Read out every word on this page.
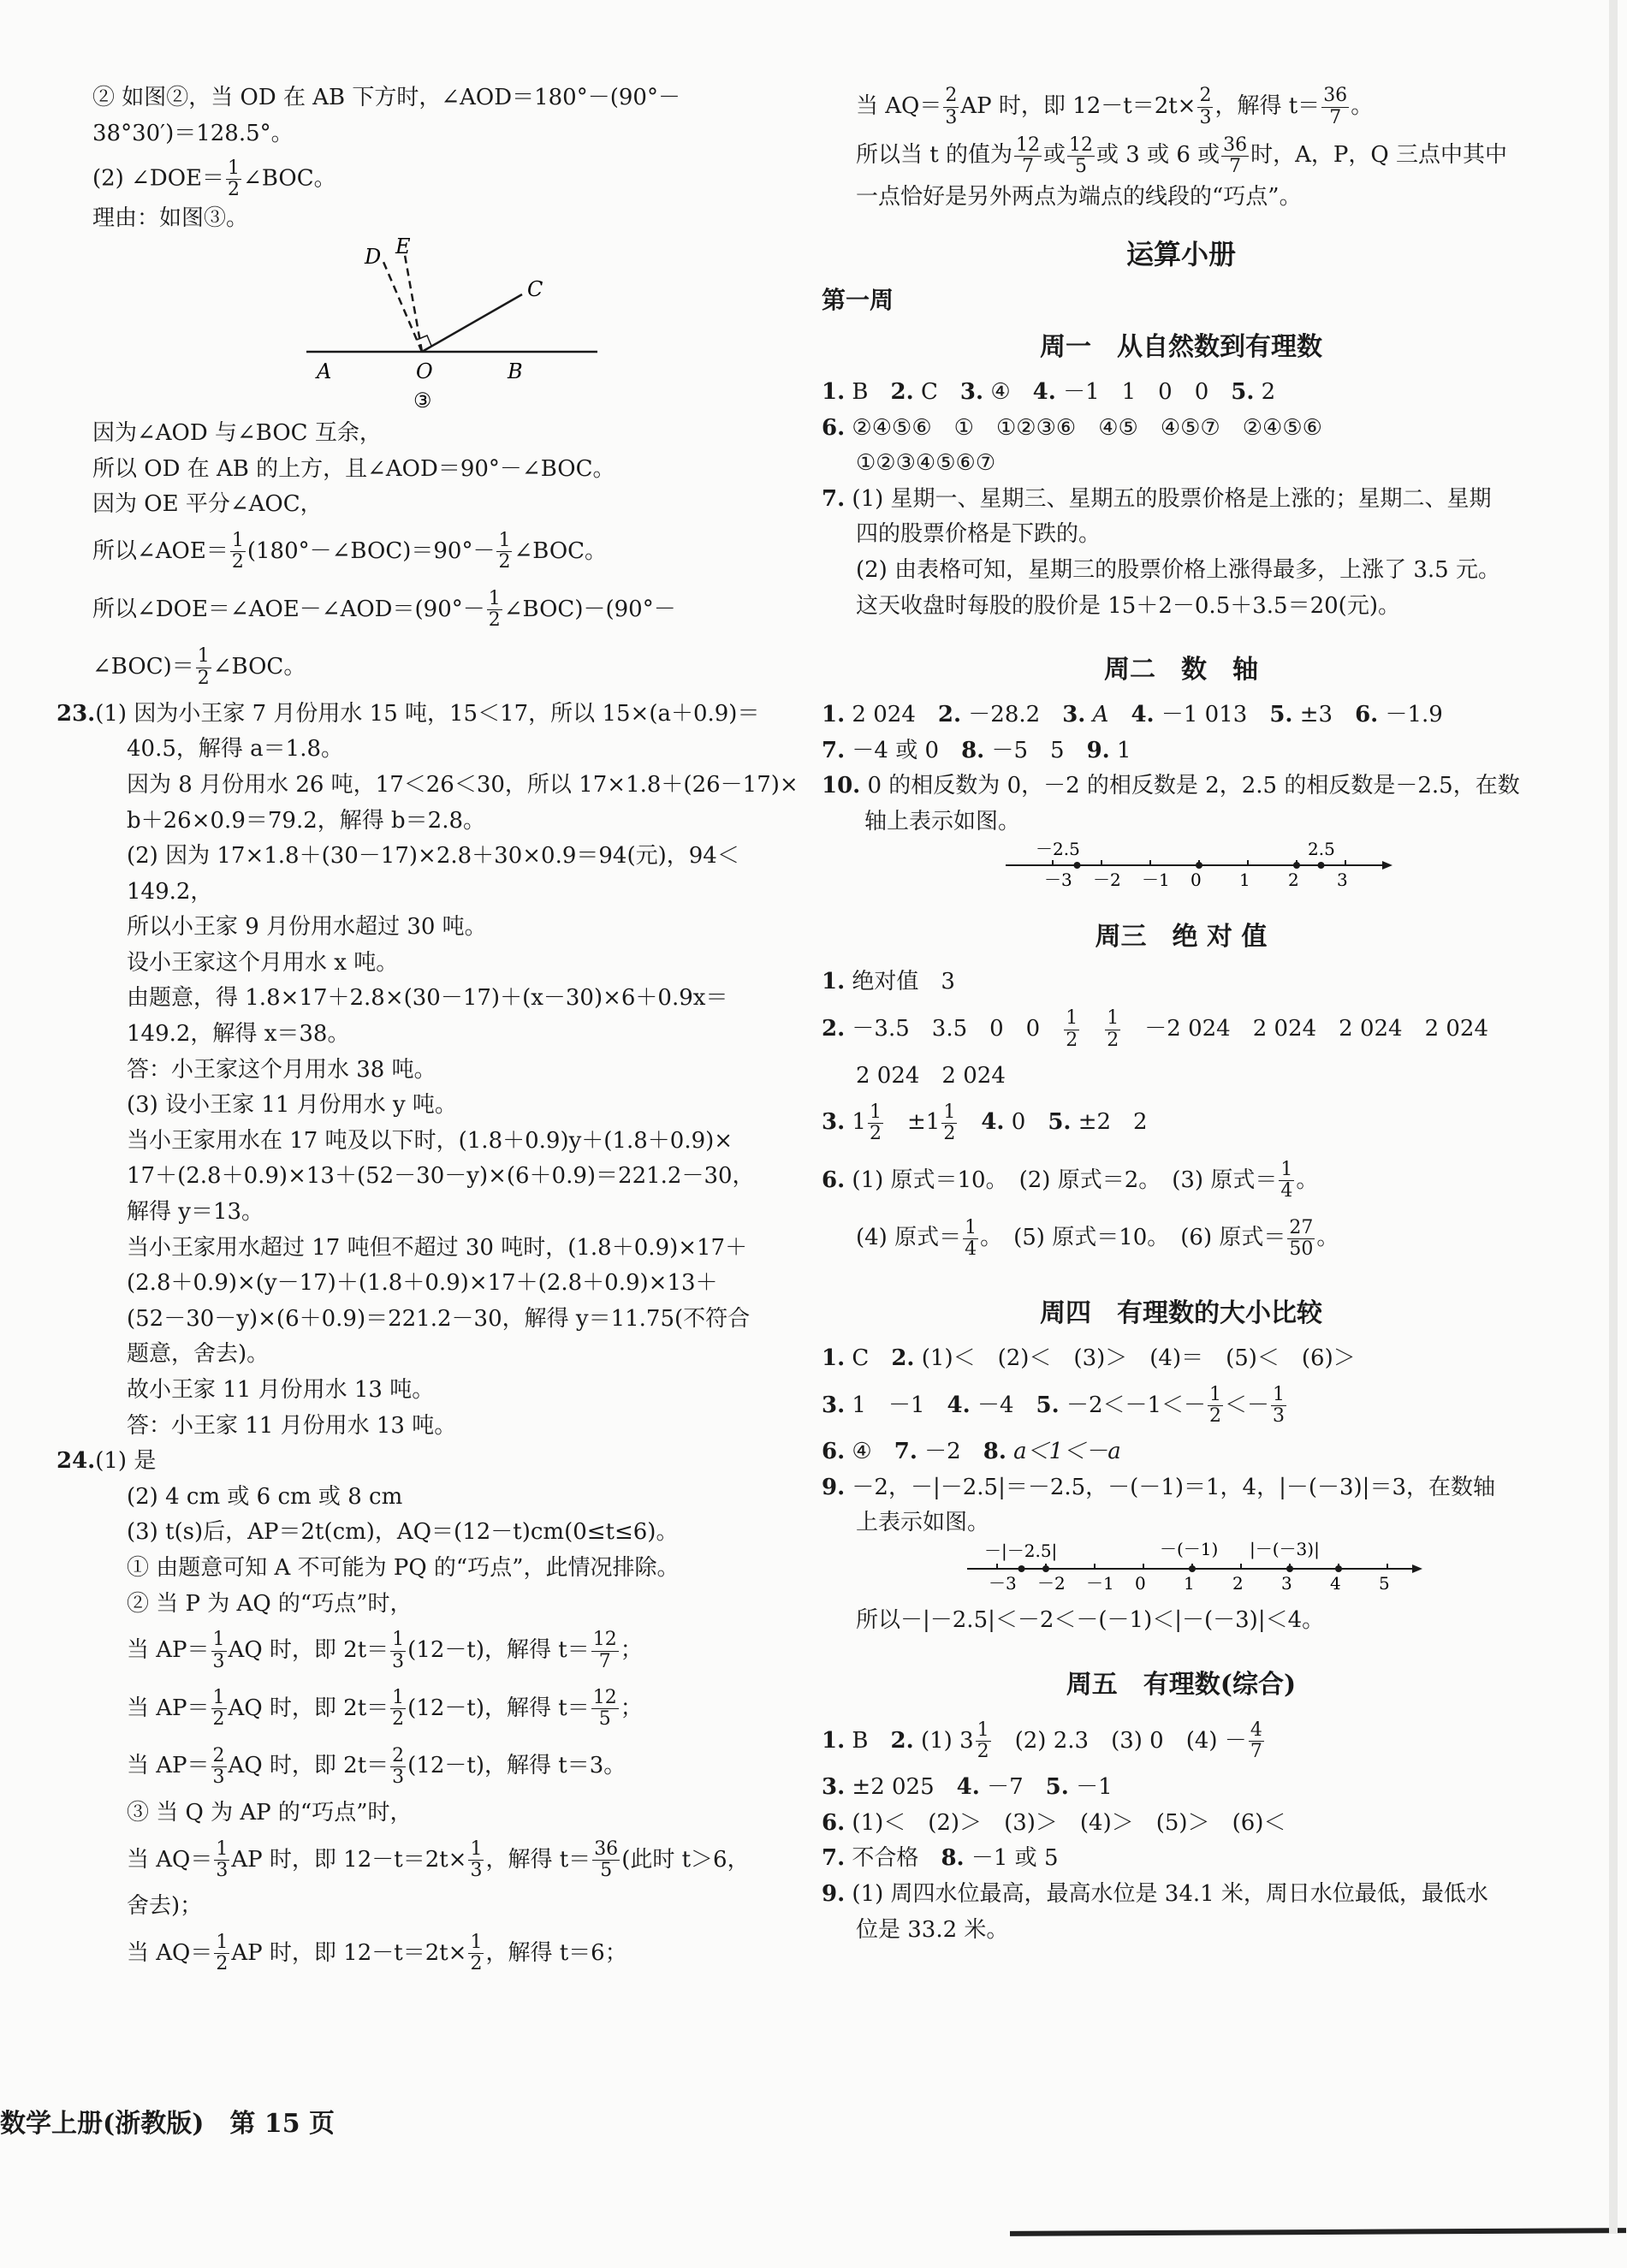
② 如图②，当 OD 在 AB 下方时，∠AOD＝180°－(90°－

38°30′)＝128.5°。

(2) ∠DOE＝ $\frac{1}{2}$ ∠BOC。

理由：如图③。

D E
C
A	O	B
③

因为∠AOD 与∠BOC 互余，

所以 OD 在 AB 的上方，且∠AOD＝90°－∠BOC。

因为 OE 平分∠AOC，

所以∠AOE＝ $\frac{1}{2}$ (180°－∠BOC)＝90°－ $\frac{1}{2}$ ∠BOC。

所以∠DOE＝∠AOE－∠AOD＝(90°－ $\frac{1}{2}$ ∠BOC)－(90°－

∠BOC)＝ $\frac{1}{2}$ ∠BOC。

23.(1) 因为小王家 7 月份用水 15 吨，15＜17，所以 15×(a＋0.9)＝

40.5，解得 a＝1.8。

因为 8 月份用水 26 吨，17＜26＜30，所以 17×1.8＋(26－17)×

b＋26×0.9＝79.2，解得 b＝2.8。

(2) 因为 17×1.8＋(30－17)×2.8＋30×0.9＝94(元)，94＜

149.2，

所以小王家 9 月份用水超过 30 吨。

设小王家这个月用水 x 吨。

由题意，得 1.8×17＋2.8×(30－17)＋(x－30)×6＋0.9x＝

149.2，解得 x＝38。

答：小王家这个月用水 38 吨。

(3) 设小王家 11 月份用水 y 吨。

当小王家用水在 17 吨及以下时，(1.8＋0.9)y＋(1.8＋0.9)×

17＋(2.8＋0.9)×13＋(52－30－y)×(6＋0.9)＝221.2－30，

解得 y＝13。

当小王家用水超过 17 吨但不超过 30 吨时，(1.8＋0.9)×17＋

(2.8＋0.9)×(y－17)＋(1.8＋0.9)×17＋(2.8＋0.9)×13＋

(52－30－y)×(6＋0.9)＝221.2－30，解得 y＝11.75(不符合

题意，舍去)。

故小王家 11 月份用水 13 吨。

答：小王家 11 月份用水 13 吨。

24.(1) 是

(2) 4 cm 或 6 cm 或 8 cm

(3) t(s)后，AP＝2t(cm)，AQ＝(12－t)cm(0≤t≤6)。

① 由题意可知 A 不可能为 PQ 的“巧点”，此情况排除。

② 当 P 为 AQ 的“巧点”时，

当 $AP= \frac{1}{3}$ AQ 时，即 $2t= \frac{1}{3} (12-t)$，解得 $t= \frac{12}{7}$ ；

当 $AP= \frac{1}{2}$ AQ 时，即 $2t= \frac{1}{2} (12-t)$，解得 $t= \frac{12}{5}$ ；

当 $AP= \frac{2}{3}$ AQ 时，即 $2t= \frac{2}{3} (12-t)$，解得 t＝3。

③ 当 Q 为 AP 的“巧点”时，

当 $AQ= \frac{1}{3}$ AP 时，即 $12-t=2t\times \frac{1}{3}$ ，解得 $t= \frac{36}{5}$ (此时 t＞6，

舍去)；

当 $AQ= \frac{1}{2}$ AP 时，即 $12-t=2t\times \frac{1}{2}$ ，解得 t＝6；

当 $AQ= \frac{2}{3}$ AP 时，即 $12-t=2t\times \frac{2}{3}$ ，解得 $t= \frac{36}{7}$ 。

所以当 t 的值为 $\frac{12}{7}$ 或 $\frac{12}{5}$ 或 3 或 6 或 $\frac{36}{7}$ 时，A，P，Q 三点中其中

一点恰好是另外两点为端点的线段的“巧点”。

运算小册
第一周
周一　从自然数到有理数

1. B　 2. C　 3. ④　 4. －1　1　0　0　 5. 2

6. ②④⑤⑥　①　①②③⑥　④⑤　④⑤⑦　②④⑤⑥

①②③④⑤⑥⑦

7. (1) 星期一、星期三、星期五的股票价格是上涨的；星期二、星期

四的股票价格是下跌的。

(2) 由表格可知，星期三的股票价格上涨得最多，上涨了 3.5 元。

这天收盘时每股的股价是 15＋2－0.5＋3.5＝20(元)。

周二　数　轴

1. 2 024　 2. －28.2　 3. A　 4. －1 013　 5. ±3　 6. －1.9

7. －4 或 0　 8. －5　5　 9. 1

10. 0 的相反数为 0，－2 的相反数是 2，2.5 的相反数是－2.5，在数

轴上表示如图。

－2.5	2.5
－3 －2 －1 0 1 2 3
周三　绝 对 值

1. 绝对值　3

2. －3.5　3.5　0　0　 $\frac{1}{2}$
　 $\frac{1}{2}$
　 －2 024　2 024　2 024　2 024

2 024　2 024

3. $1 \frac{1}{2}$
　 $\pm 1 \frac{1}{2}$
　 4. 0　 5. ±2　2

6. (1) 原式＝10。　(2) 原式＝2。　(3) 原式＝ $\frac{1}{4}$ 。

(4) 原式＝ $\frac{1}{4}$ 。　(5) 原式＝10。　(6) 原式＝ $\frac{27}{50}$ 。

周四　有理数的大小比较

1. C　 2. (1)＜　(2)＜　(3)＞　(4)＝　(5)＜　(6)＞

3. 1　－1　 4. －4　 5. $-2<-1<- \frac{1}{2} <- \frac{1}{3}$

6. ④　 7. －2　 8. a＜1＜－a

9. －2，－|－2.5|＝－2.5，－(－1)＝1，4，|－(－3)|＝3，在数轴

上表示如图。

－|－2.5|	－(－1) |－(－3)|
－3 －2 －1 0 1 2 3 4 5

所以－|－2.5|＜－2＜－(－1)＜|－(－3)|＜4。

周五　有理数(综合)

1. B　 2. (1) $3 \frac{1}{2}$
　 (2) 2.3　(3) 0　$(4) - \frac{4}{7}$

3. ±2 025　 4. －7　 5. －1

6. (1)＜　(2)＞　(3)＞　(4)＞　(5)＞　(6)＜

7. 不合格　 8. －1 或 5

9. (1) 周四水位最高，最高水位是 34.1 米，周日水位最低，最低水

位是 33.2 米。

数学上册(浙教版)　第 15 页
